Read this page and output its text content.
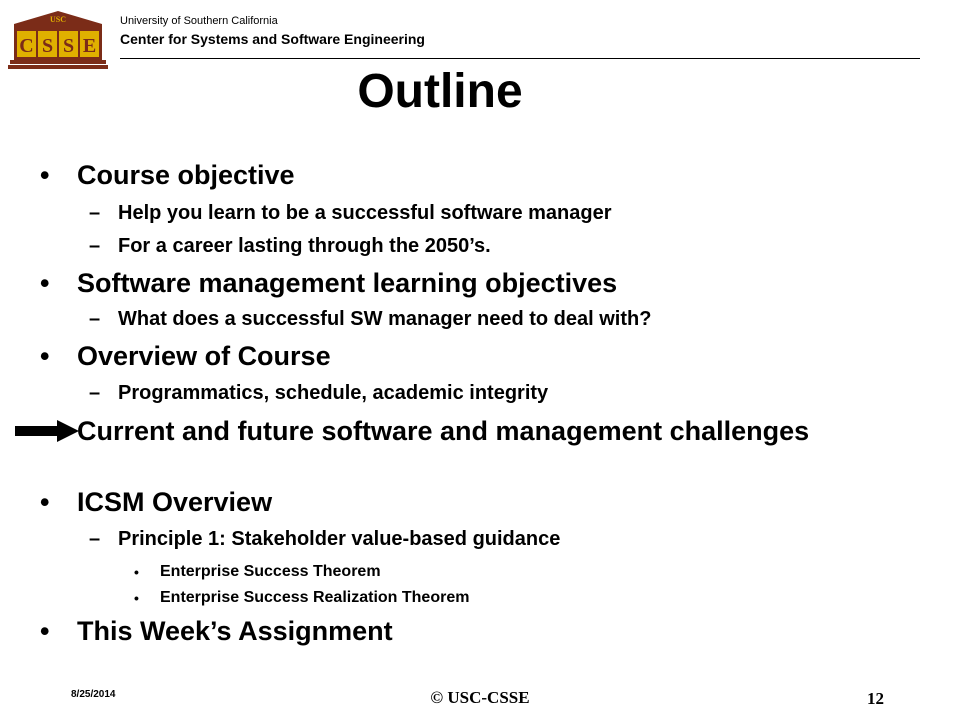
USC
C S S E
University of Southern California
Center for Systems and Software Engineering
Outline
• Course objective
– Help you learn to be a successful software manager
– For a career lasting through the 2050’s.
• Software management learning objectives
– What does a successful SW manager need to deal with?
• Overview of Course
– Programmatics, schedule, academic integrity
Current and future software and management challenges
• ICSM Overview
– Principle 1: Stakeholder value-based guidance
• Enterprise Success Theorem
• Enterprise Success Realization Theorem
• This Week’s Assignment
8/25/2014	© USC-CSSE	12
